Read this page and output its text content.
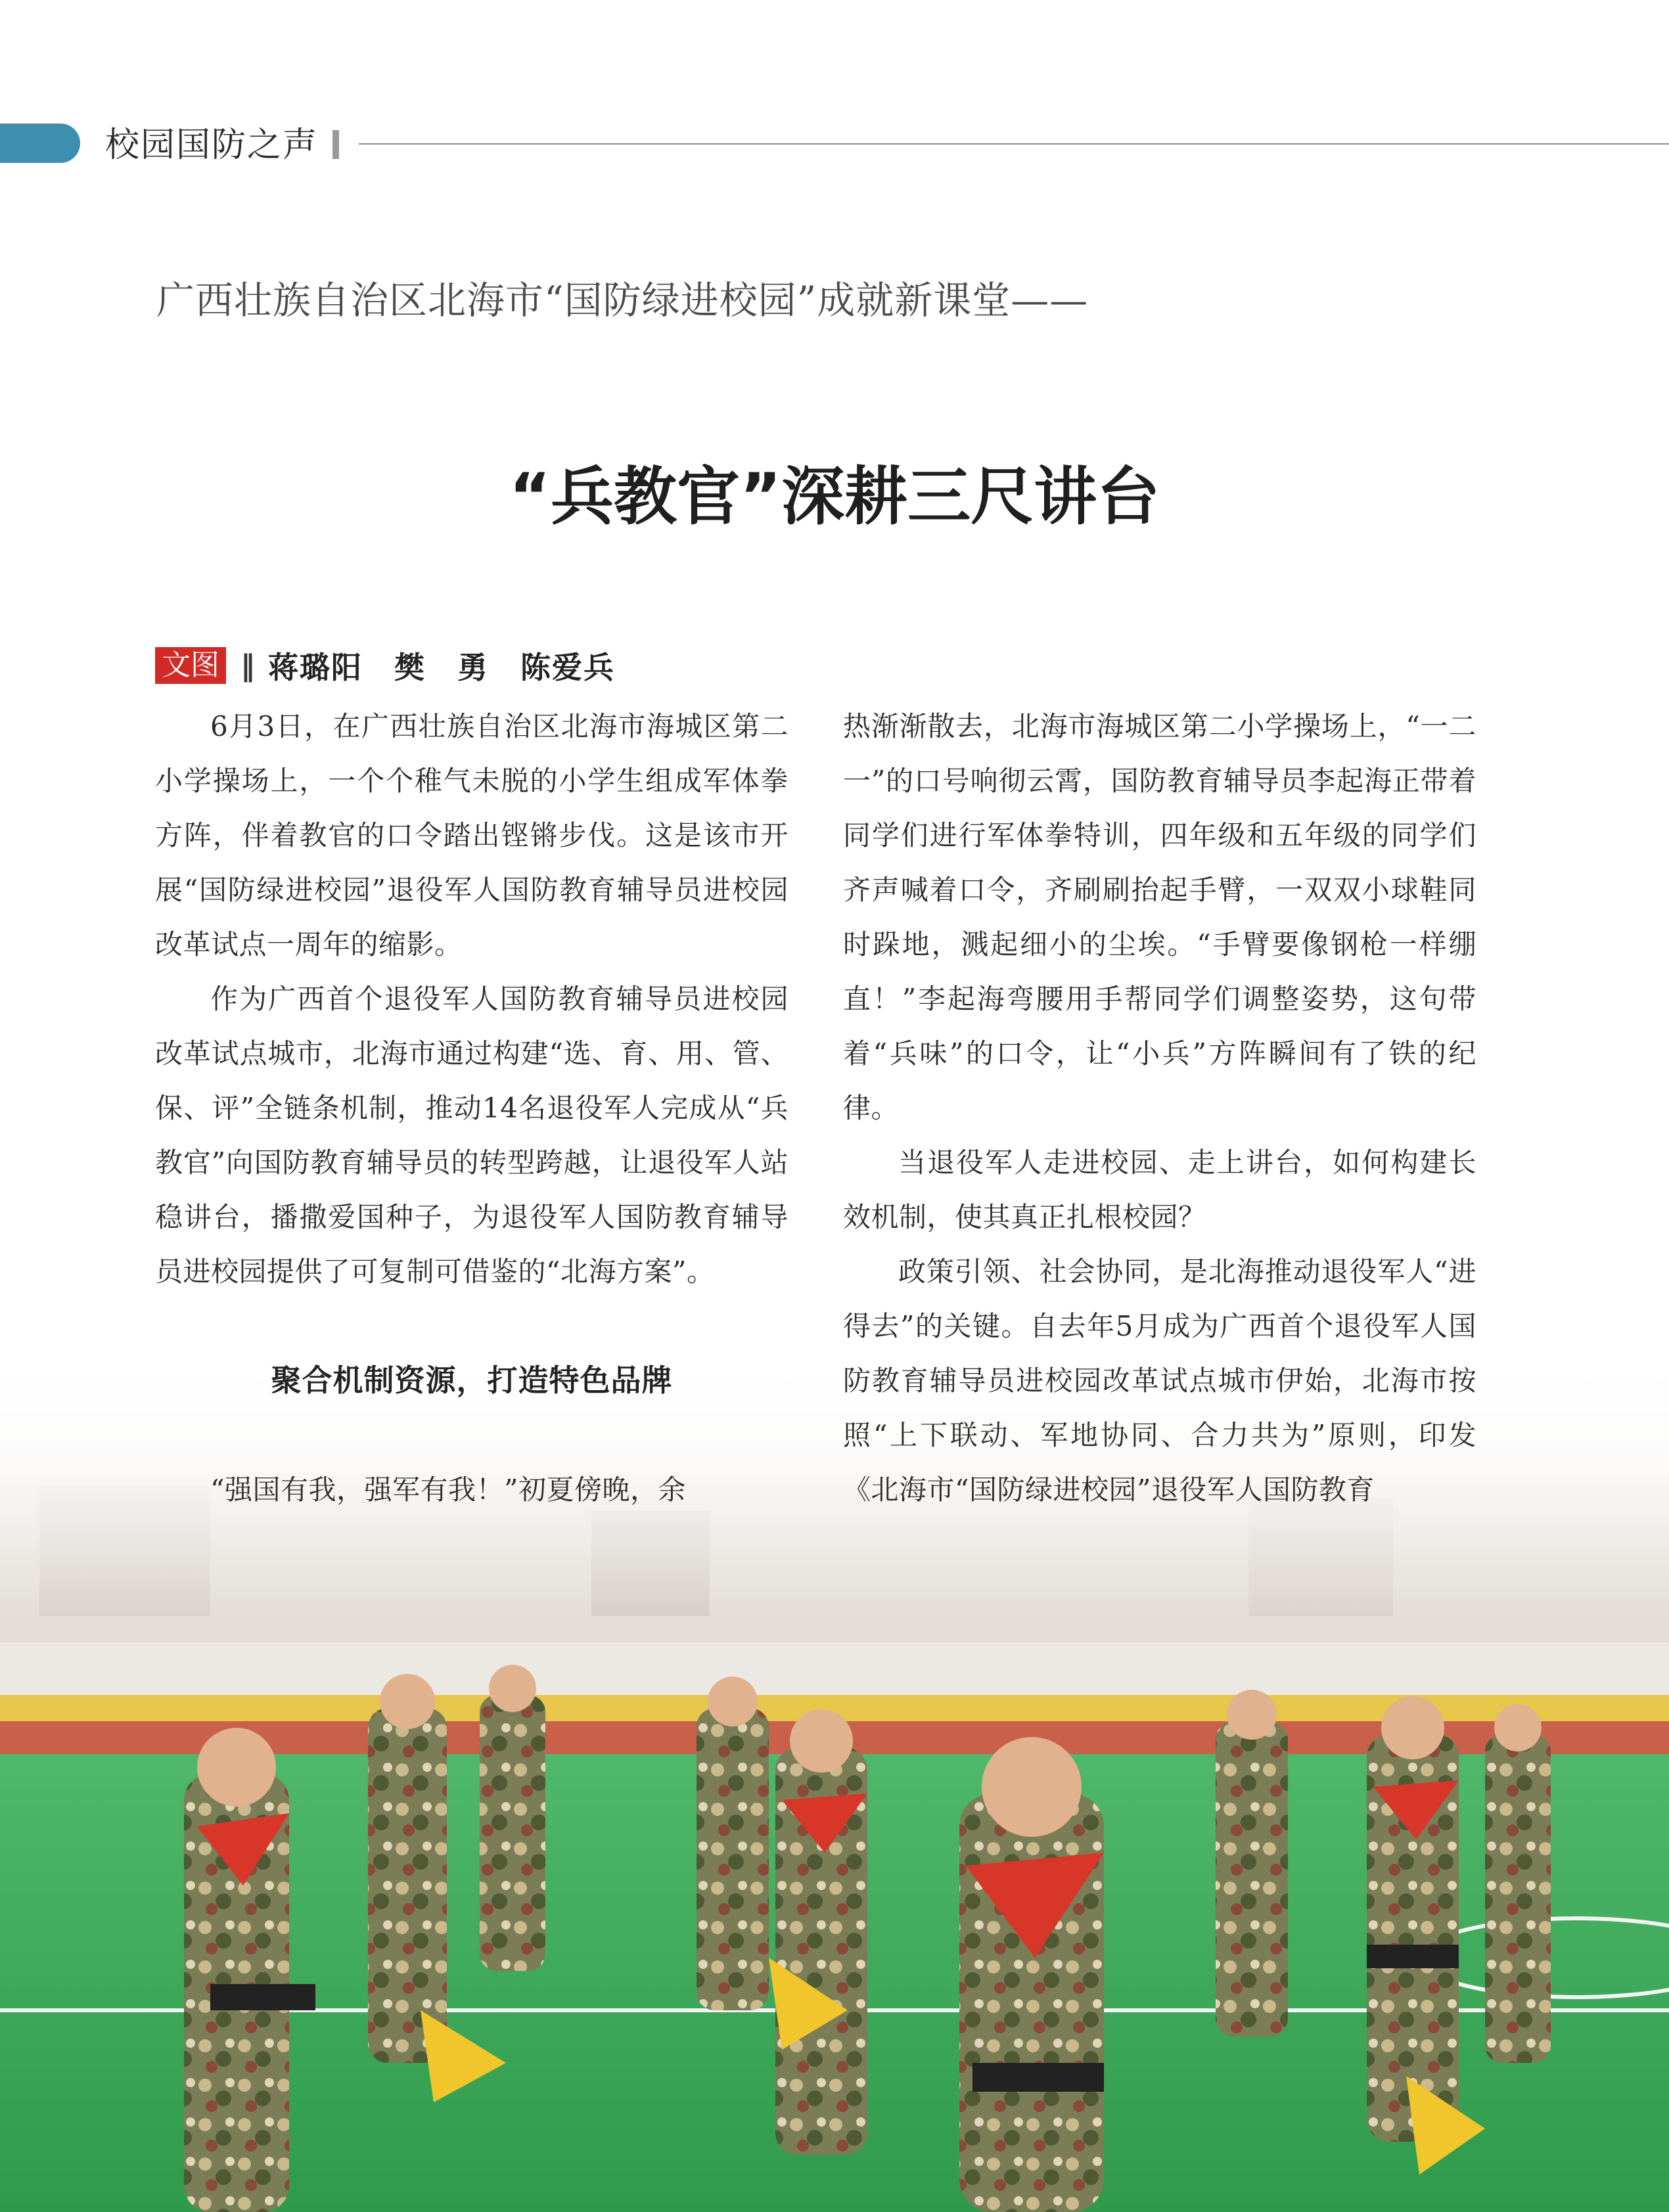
校园国防之声
广西壮族自治区北海市“国防绿进校园”成就新课堂——
“兵教官”深耕三尺讲台
文图 ‖ 蒋璐阳　樊　勇　陈爱兵

6月3日，在广西壮族自治区北海市海城区第二小学操场上，一个个稚气未脱的小学生组成军体拳方阵，伴着教官的口令踏出铿锵步伐。这是该市开展“国防绿进校园”退役军人国防教育辅导员进校园改革试点一周年的缩影。

作为广西首个退役军人国防教育辅导员进校园改革试点城市，北海市通过构建“选、育、用、管、保、评”全链条机制，推动14名退役军人完成从“兵教官”向国防教育辅导员的转型跨越，让退役军人站稳讲台，播撒爱国种子，为退役军人国防教育辅导员进校园提供了可复制可借鉴的“北海方案”。

聚合机制资源，打造特色品牌

“强国有我，强军有我！”初夏傍晚，余

热渐渐散去，北海市海城区第二小学操场上，“一二一”的口号响彻云霄，国防教育辅导员李起海正带着同学们进行军体拳特训，四年级和五年级的同学们齐声喊着口令，齐刷刷抬起手臂，一双双小球鞋同时跺地，溅起细小的尘埃。“手臂要像钢枪一样绷直！”李起海弯腰用手帮同学们调整姿势，这句带着“兵味”的口令，让“小兵”方阵瞬间有了铁的纪律。

当退役军人走进校园、走上讲台，如何构建长效机制，使其真正扎根校园？

政策引领、社会协同，是北海推动退役军人“进得去”的关键。自去年5月成为广西首个退役军人国防教育辅导员进校园改革试点城市伊始，北海市按照“上下联动、军地协同、合力共为”原则，印发《北海市“国防绿进校园”退役军人国防教育
